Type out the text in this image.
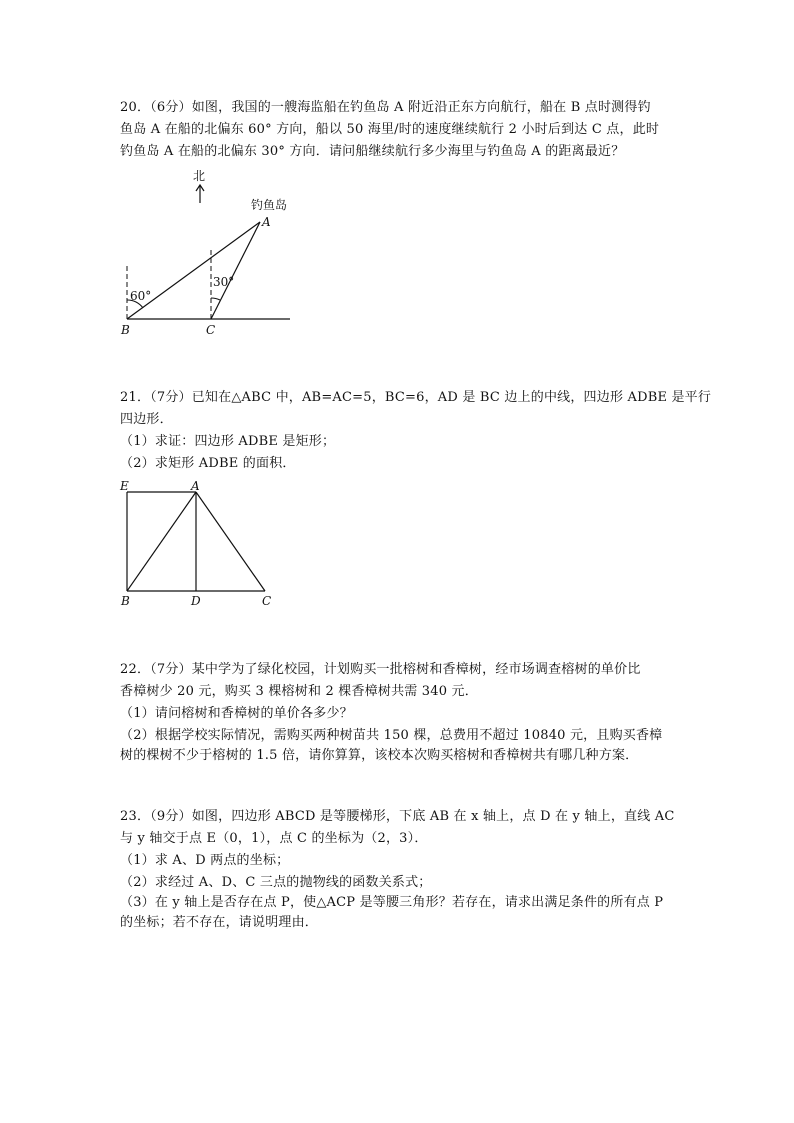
20．（6分）如图，我国的一艘海监船在钓鱼岛 A 附近沿正东方向航行，船在 B 点时测得钓
鱼岛 A 在船的北偏东 60° 方向，船以 50 海里/时的速度继续航行 2 小时后到达 C 点，此时
钓鱼岛 A 在船的北偏东 30° 方向．请问船继续航行多少海里与钓鱼岛 A 的距离最近？
北
钓鱼岛
A
60°
30°
B	C
21．（7分）已知在△ABC 中，AB=AC=5，BC=6，AD 是 BC 边上的中线，四边形 ADBE 是平行
四边形．
（1）求证：四边形 ADBE 是矩形；
（2）求矩形 ADBE 的面积．
E	A
B	D	C
22．（7分）某中学为了绿化校园，计划购买一批榕树和香樟树，经市场调查榕树的单价比
香樟树少 20 元，购买 3 棵榕树和 2 棵香樟树共需 340 元．
（1）请问榕树和香樟树的单价各多少？
（2）根据学校实际情况，需购买两种树苗共 150 棵，总费用不超过 10840 元，且购买香樟
树的棵树不少于榕树的 1.5 倍，请你算算，该校本次购买榕树和香樟树共有哪几种方案．
23．（9分）如图，四边形 ABCD 是等腰梯形，下底 AB 在 x 轴上，点 D 在 y 轴上，直线 AC
与 y 轴交于点 E（0，1），点 C 的坐标为（2，3）．
（1）求 A、D 两点的坐标；
（2）求经过 A、D、C 三点的抛物线的函数关系式；
（3）在 y 轴上是否存在点 P，使△ACP 是等腰三角形？若存在，请求出满足条件的所有点 P
的坐标；若不存在，请说明理由．
